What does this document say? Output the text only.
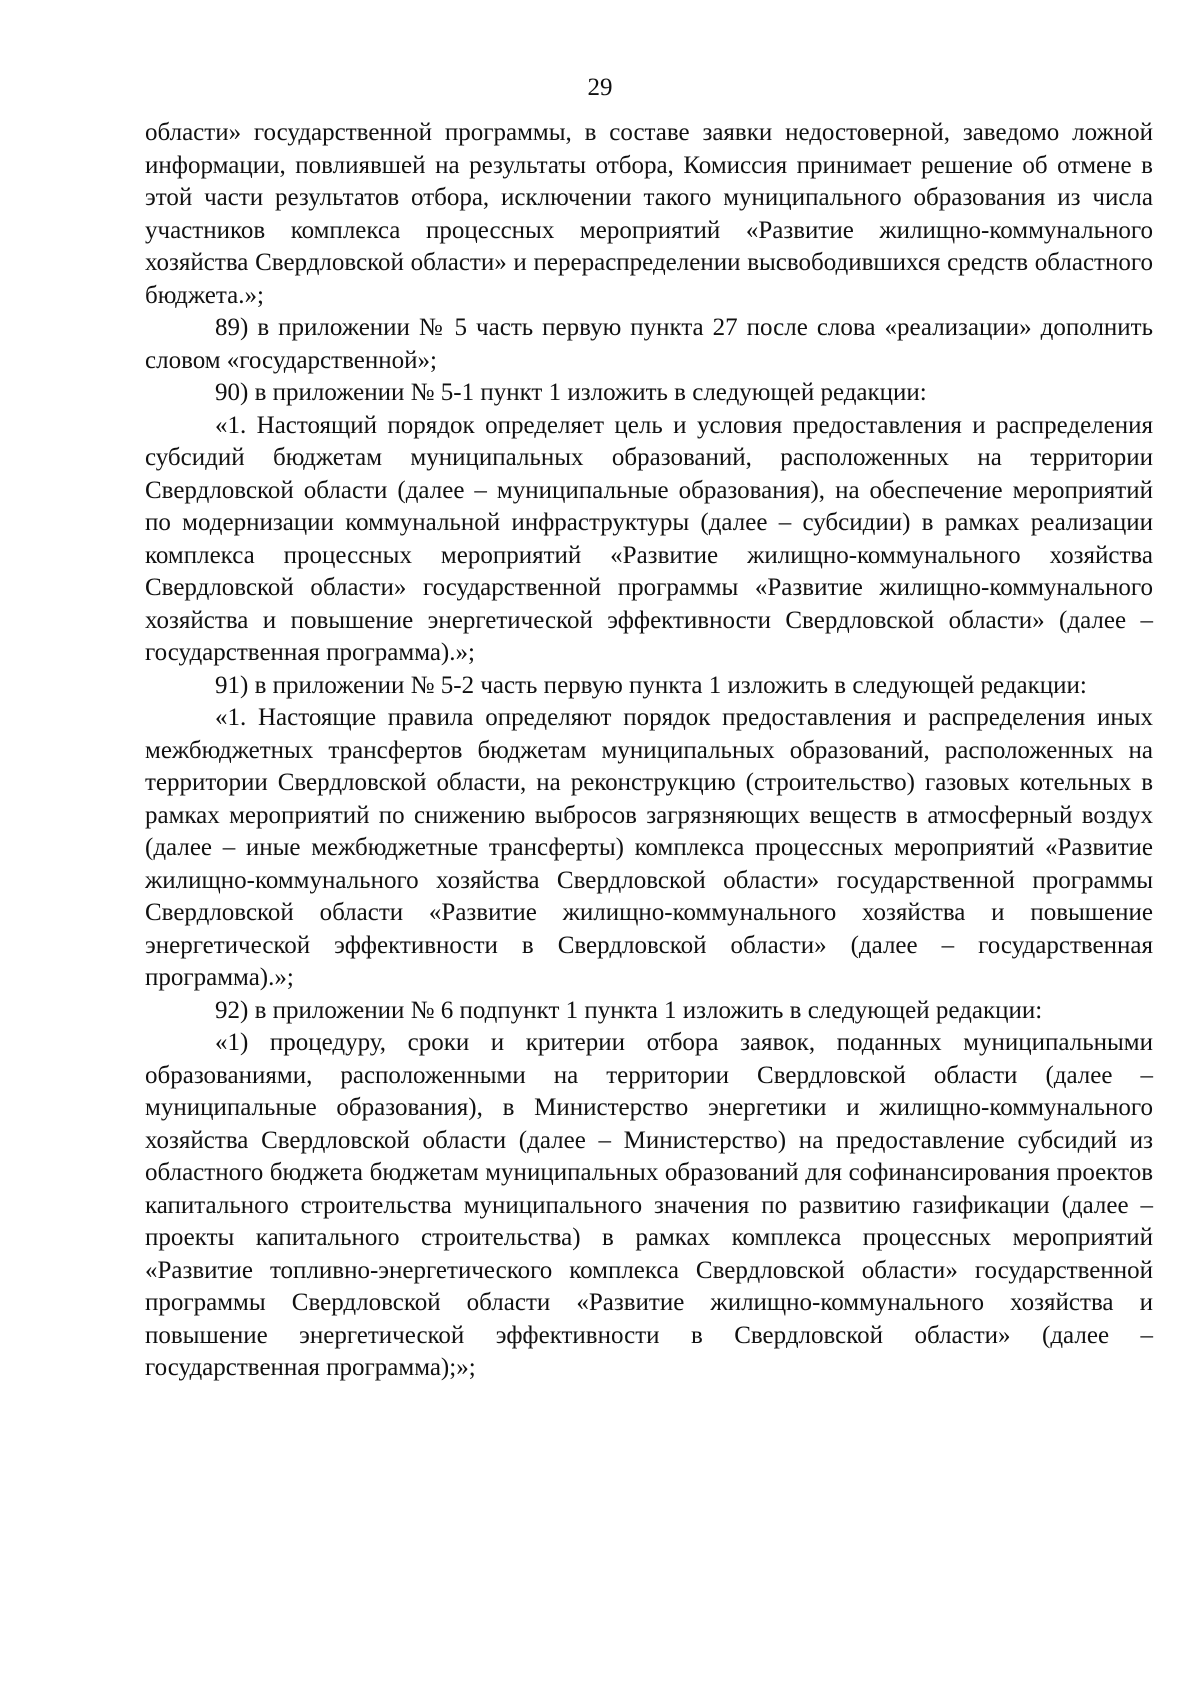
29

области» государственной программы, в составе заявки недостоверной, заведомо ложной информации, повлиявшей на результаты отбора, Комиссия принимает решение об отмене в этой части результатов отбора, исключении такого муниципального образования из числа участников комплекса процессных мероприятий «Развитие жилищно-коммунального хозяйства Свердловской области» и перераспределении высвободившихся средств областного бюджета.»;

89) в приложении № 5 часть первую пункта 27 после слова «реализации» дополнить словом «государственной»;

90) в приложении № 5-1 пункт 1 изложить в следующей редакции:

«1. Настоящий порядок определяет цель и условия предоставления и распределения субсидий бюджетам муниципальных образований, расположенных на территории Свердловской области (далее – муниципальные образования), на обеспечение мероприятий по модернизации коммунальной инфраструктуры (далее – субсидии) в рамках реализации комплекса процессных мероприятий «Развитие жилищно-коммунального хозяйства Свердловской области» государственной программы «Развитие жилищно-коммунального хозяйства и повышение энергетической эффективности Свердловской области» (далее – государственная программа).»;

91) в приложении № 5-2 часть первую пункта 1 изложить в следующей редакции:

«1. Настоящие правила определяют порядок предоставления и распределения иных межбюджетных трансфертов бюджетам муниципальных образований, расположенных на территории Свердловской области, на реконструкцию (строительство) газовых котельных в рамках мероприятий по снижению выбросов загрязняющих веществ в атмосферный воздух (далее – иные межбюджетные трансферты) комплекса процессных мероприятий «Развитие жилищно-коммунального хозяйства Свердловской области» государственной программы Свердловской области «Развитие жилищно-коммунального хозяйства и повышение энергетической эффективности в Свердловской области» (далее – государственная программа).»;

92) в приложении № 6 подпункт 1 пункта 1 изложить в следующей редакции:

«1) процедуру, сроки и критерии отбора заявок, поданных муниципальными образованиями, расположенными на территории Свердловской области (далее – муниципальные образования), в Министерство энергетики и жилищно-коммунального хозяйства Свердловской области (далее – Министерство) на предоставление субсидий из областного бюджета бюджетам муниципальных образований для софинансирования проектов капитального строительства муниципального значения по развитию газификации (далее – проекты капитального строительства) в рамках комплекса процессных мероприятий «Развитие топливно-энергетического комплекса Свердловской области» государственной программы Свердловской области «Развитие жилищно-коммунального хозяйства и повышение энергетической эффективности в Свердловской области» (далее – государственная программа);»;
